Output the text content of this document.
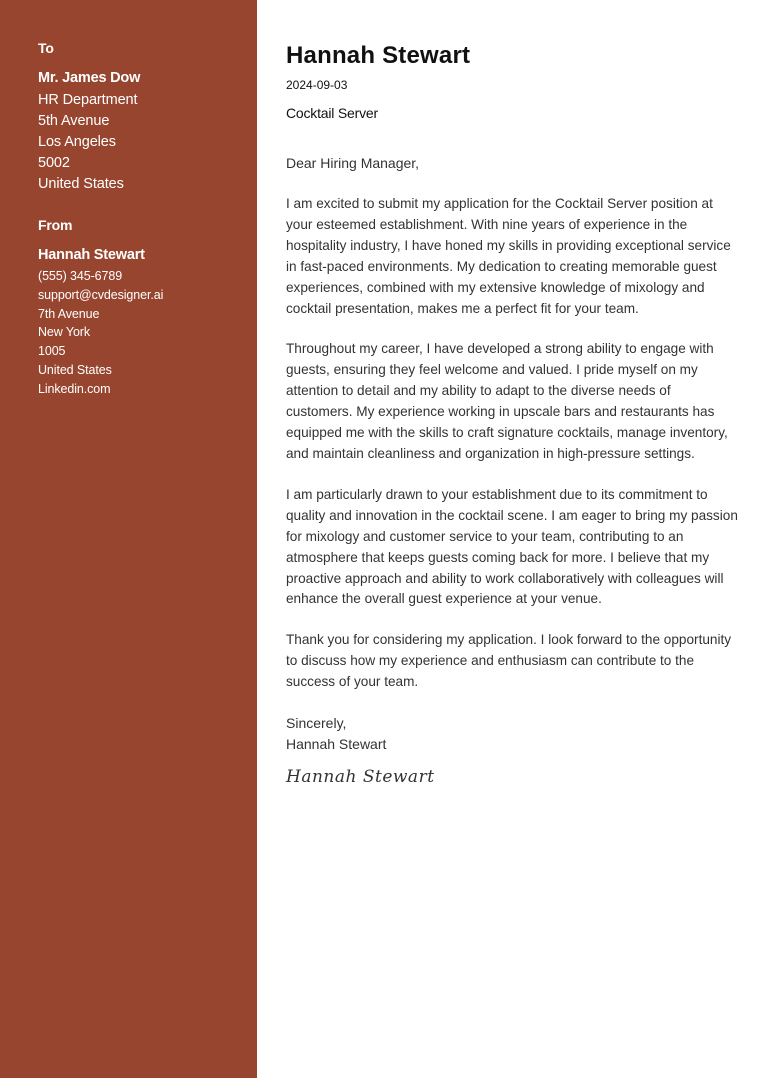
To
Mr. James Dow
HR Department
5th Avenue
Los Angeles
5002
United States
From
Hannah Stewart
(555) 345-6789
support@cvdesigner.ai
7th Avenue
New York
1005
United States
Linkedin.com
Hannah Stewart
2024-09-03
Cocktail Server
Dear Hiring Manager,
I am excited to submit my application for the Cocktail Server position at
your esteemed establishment. With nine years of experience in the
hospitality industry, I have honed my skills in providing exceptional service
in fast-paced environments. My dedication to creating memorable guest
experiences, combined with my extensive knowledge of mixology and
cocktail presentation, makes me a perfect fit for your team.
Throughout my career, I have developed a strong ability to engage with
guests, ensuring they feel welcome and valued. I pride myself on my
attention to detail and my ability to adapt to the diverse needs of
customers. My experience working in upscale bars and restaurants has
equipped me with the skills to craft signature cocktails, manage inventory,
and maintain cleanliness and organization in high-pressure settings.
I am particularly drawn to your establishment due to its commitment to
quality and innovation in the cocktail scene. I am eager to bring my passion
for mixology and customer service to your team, contributing to an
atmosphere that keeps guests coming back for more. I believe that my
proactive approach and ability to work collaboratively with colleagues will
enhance the overall guest experience at your venue.
Thank you for considering my application. I look forward to the opportunity
to discuss how my experience and enthusiasm can contribute to the
success of your team.
Sincerely,
Hannah Stewart
Hannah Stewart
